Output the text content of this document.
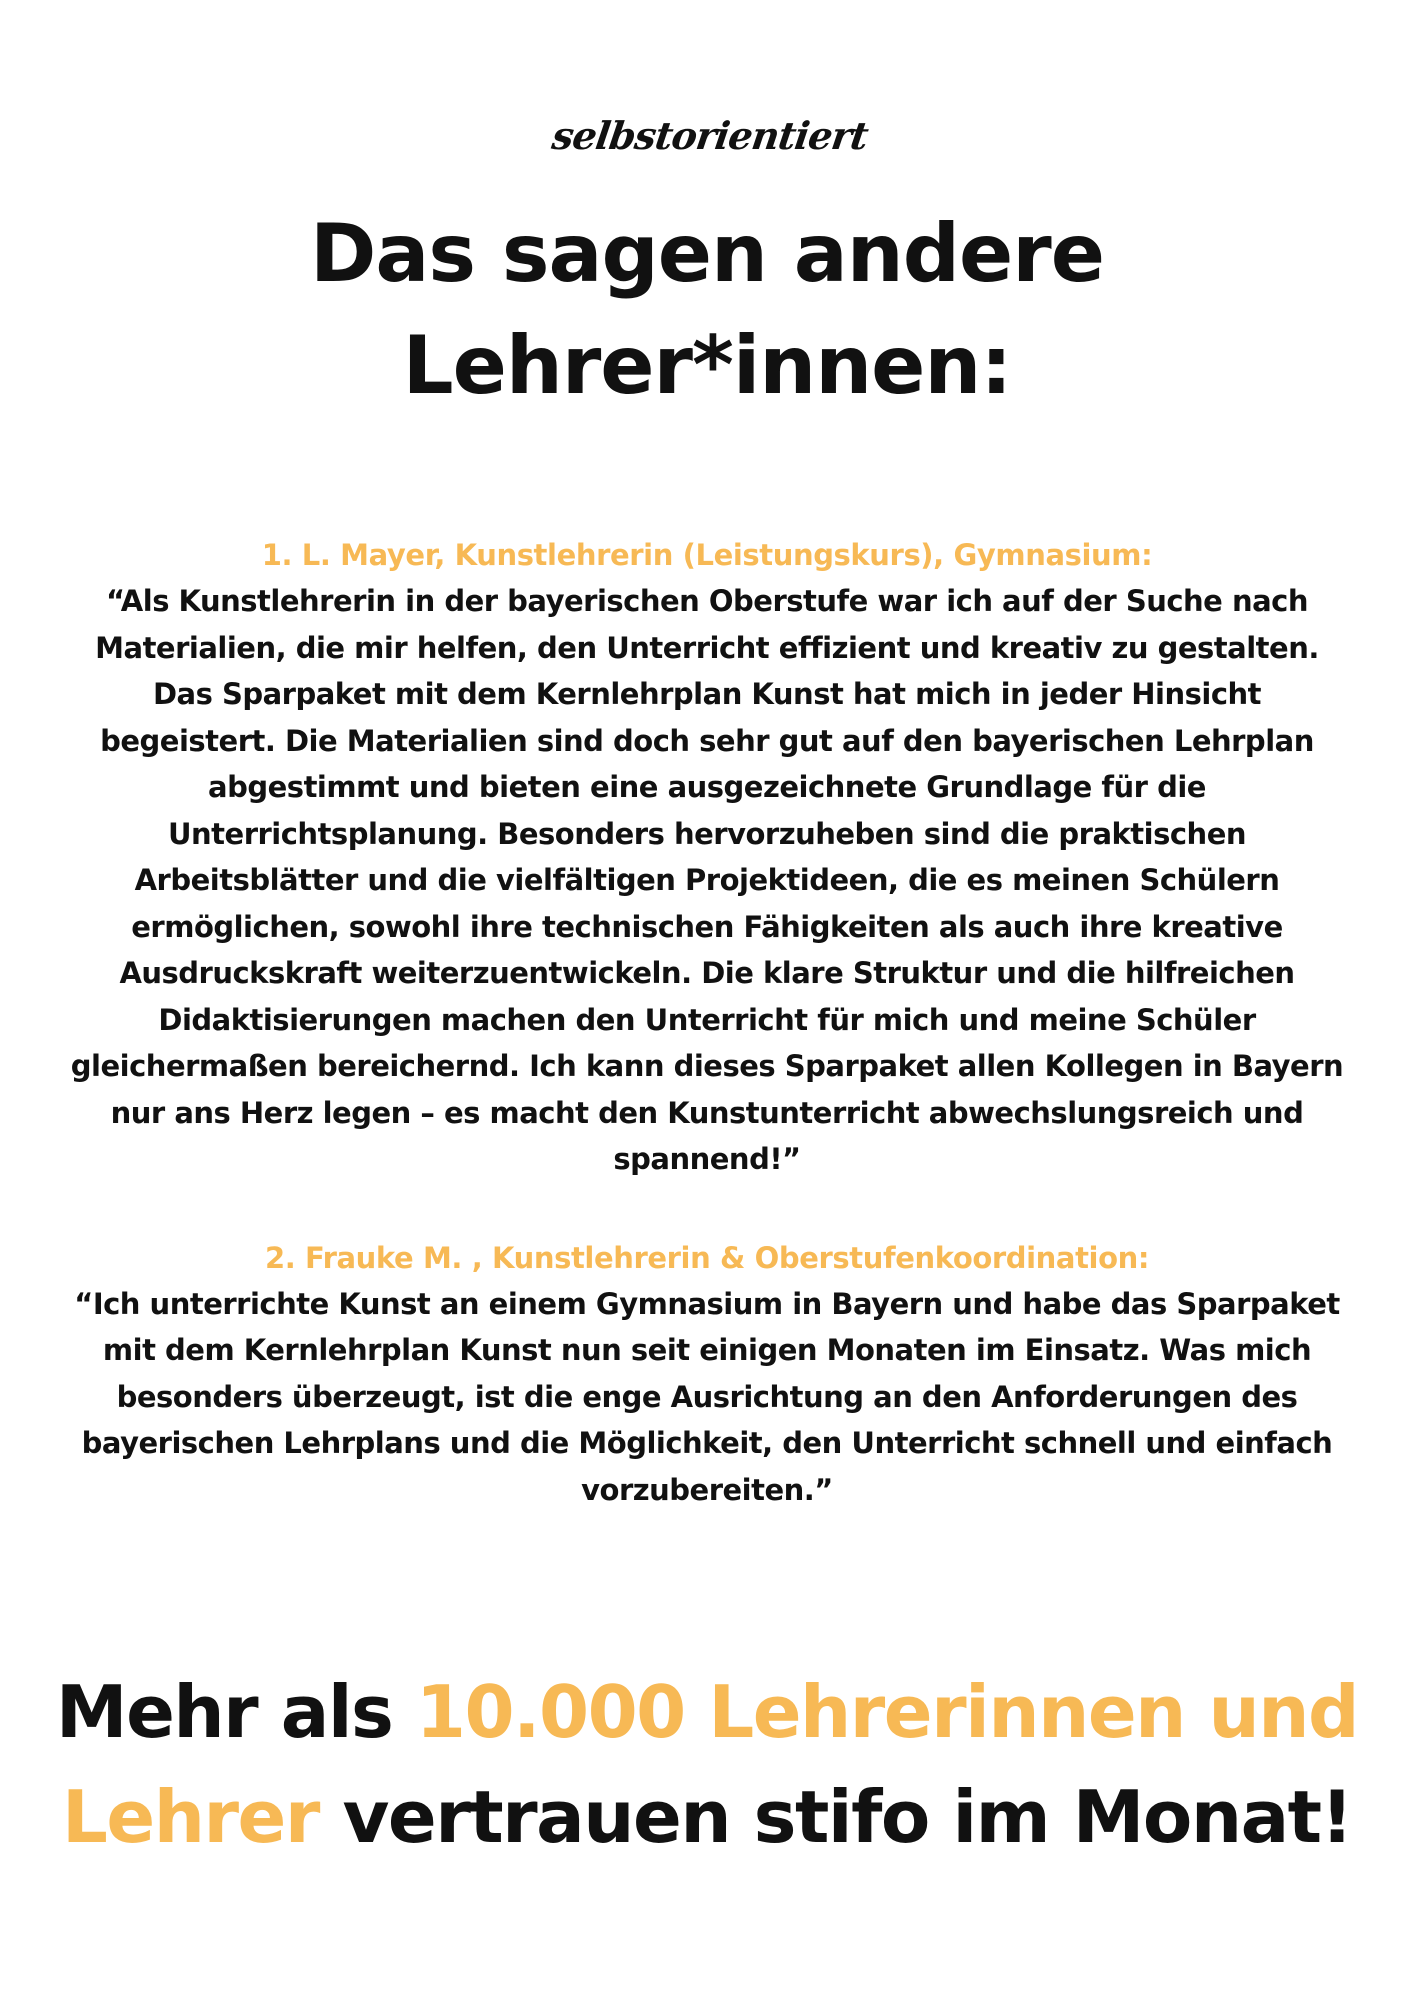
selbstorientiert
Das sagen andere
Lehrer*innen:

1. L. Mayer, Kunstlehrerin (Leistungskurs), Gymnasium:

“Als Kunstlehrerin in der bayerischen Oberstufe war ich auf der Suche nach Materialien, die mir helfen, den Unterricht effizient und kreativ zu gestalten. Das Sparpaket mit dem Kernlehrplan Kunst hat mich in jeder Hinsicht begeistert. Die Materialien sind doch sehr gut auf den bayerischen Lehrplan abgestimmt und bieten eine ausgezeichnete Grundlage für die Unterrichtsplanung. Besonders hervorzuheben sind die praktischen Arbeitsblätter und die vielfältigen Projektideen, die es meinen Schülern ermöglichen, sowohl ihre technischen Fähigkeiten als auch ihre kreative Ausdruckskraft weiterzuentwickeln. Die klare Struktur und die hilfreichen Didaktisierungen machen den Unterricht für mich und meine Schüler gleichermaßen bereichernd. Ich kann dieses Sparpaket allen Kollegen in Bayern nur ans Herz legen – es macht den Kunstunterricht abwechslungsreich und spannend!”

2. Frauke M. , Kunstlehrerin & Oberstufenkoordination:

“Ich unterrichte Kunst an einem Gymnasium in Bayern und habe das Sparpaket mit dem Kernlehrplan Kunst nun seit einigen Monaten im Einsatz. Was mich besonders überzeugt, ist die enge Ausrichtung an den Anforderungen des bayerischen Lehrplans und die Möglichkeit, den Unterricht schnell und einfach vorzubereiten.”

Mehr als 10.000 Lehrerinnen und
Lehrer vertrauen stifo im Monat!
